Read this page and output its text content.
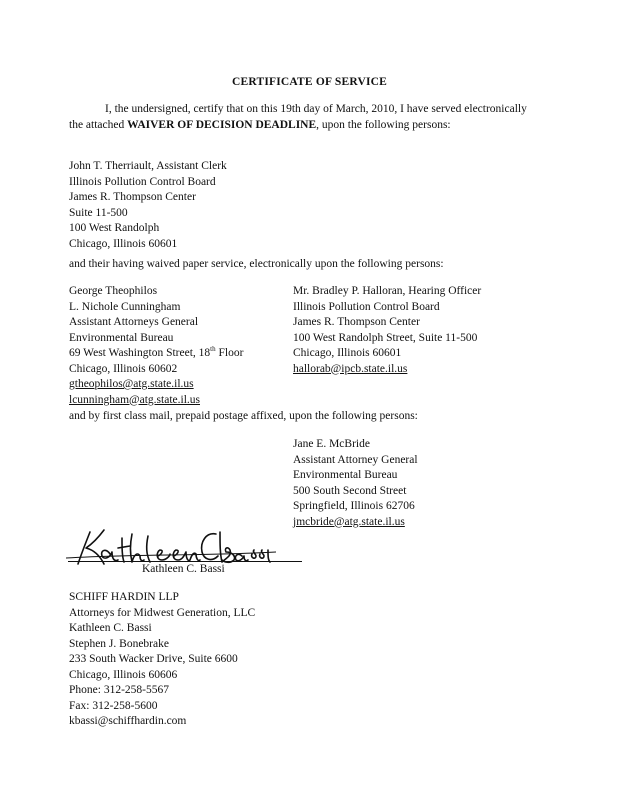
CERTIFICATE OF SERVICE
I, the undersigned, certify that on this 19th day of March, 2010, I have served electronically the attached WAIVER OF DECISION DEADLINE, upon the following persons:
John T. Therriault, Assistant Clerk
Illinois Pollution Control Board
James R. Thompson Center
Suite 11-500
100 West Randolph
Chicago, Illinois 60601
and their having waived paper service, electronically upon the following persons:
George Theophilos
L. Nichole Cunningham
Assistant Attorneys General
Environmental Bureau
69 West Washington Street, 18th Floor
Chicago, Illinois 60602
gtheophilos@atg.state.il.us
lcunningham@atg.state.il.us
Mr. Bradley P. Halloran, Hearing Officer
Illinois Pollution Control Board
James R. Thompson Center
100 West Randolph Street, Suite 11-500
Chicago, Illinois 60601
hallorab@ipcb.state.il.us
and by first class mail, prepaid postage affixed, upon the following persons:
Jane E. McBride
Assistant Attorney General
Environmental Bureau
500 South Second Street
Springfield, Illinois 62706
jmcbride@atg.state.il.us
Kathleen C. Bassi
SCHIFF HARDIN LLP
Attorneys for Midwest Generation, LLC
Kathleen C. Bassi
Stephen J. Bonebrake
233 South Wacker Drive, Suite 6600
Chicago, Illinois 60606
Phone: 312-258-5567
Fax: 312-258-5600
kbassi@schiffhardin.com
